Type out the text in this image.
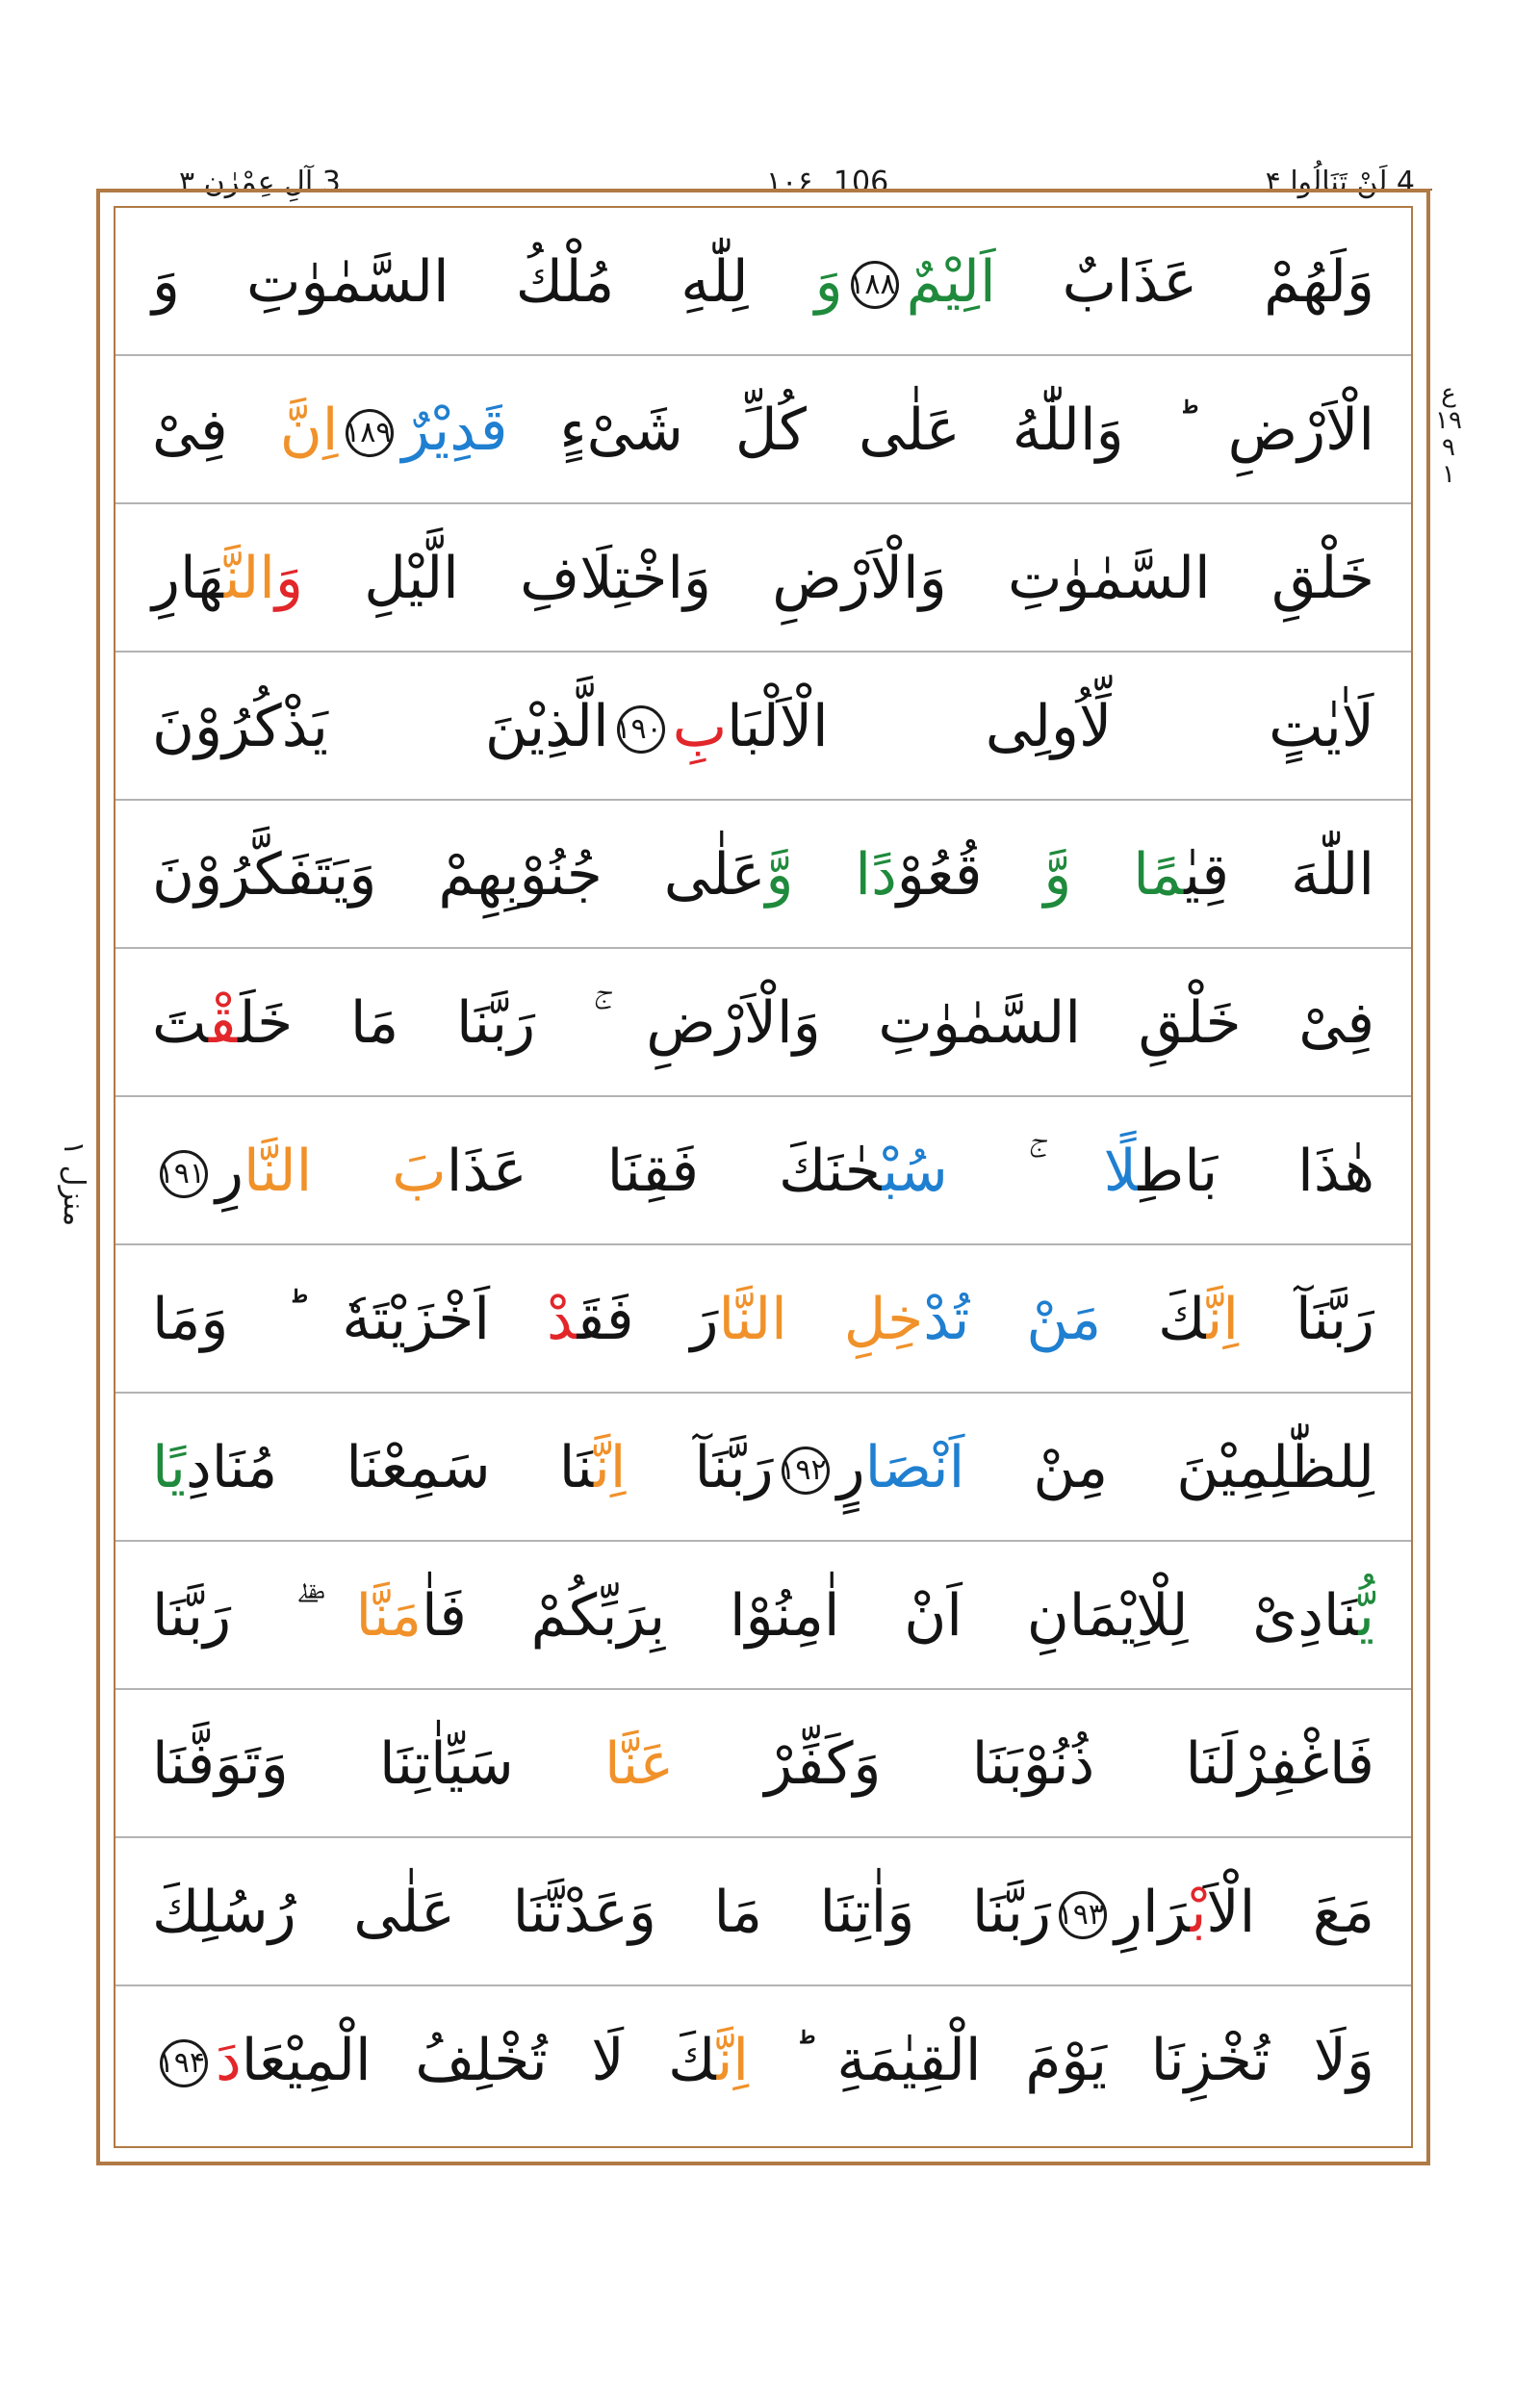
3 آلِ عِمْرٰن ۳	۱۰۶ 106	4 لَنْ تَنَالُوا ۴
وَلَهُمْ عَذَابٌ اَلِيْمٌ۱۸۸وَ لِلّٰهِ مُلْكُ السَّمٰوٰتِ وَ
الْاَرْضِ ؕ وَاللّٰهُ عَلٰى كُلِّ شَىْءٍ قَدِيْرٌ۱۸۹اِنَّ فِىْ
خَلْقِ السَّمٰوٰتِ وَالْاَرْضِ وَاخْتِلَافِ الَّيْلِ وَالنَّهَارِ
لَاٰيٰتٍ لِّاُولِى الْاَلْبَابِ۱۹۰الَّذِيْنَ يَذْكُرُوْنَ
اللّٰهَ قِيٰمًا وَّ قُعُوْدًا وَّعَلٰى جُنُوْبِهِمْ وَيَتَفَكَّرُوْنَ
فِىْ خَلْقِ السَّمٰوٰتِ وَالْاَرْضِ ۚ رَبَّنَا مَا خَلَقْتَ
هٰذَا بَاطِلًا ۚ سُبْحٰنَكَ فَقِنَا عَذَابَ النَّارِ۱۹۱
رَبَّنَآ اِنَّكَ مَنْ تُدْخِلِ النَّارَ فَقَدْ اَخْزَيْتَهٗ ؕ وَمَا
لِلظّٰلِمِيْنَ مِنْ اَنْصَارٍ۱۹۲رَبَّنَآ اِنَّنَا سَمِعْنَا مُنَادِيًا
يُّنَادِىْ لِلْاِيْمَانِ اَنْ اٰمِنُوْا بِرَبِّكُمْ فَاٰمَنَّا ۖۗ رَبَّنَا
فَاغْفِرْلَنَا ذُنُوْبَنَا وَكَفِّرْ عَنَّا سَيِّاٰتِنَا وَتَوَفَّنَا
مَعَ الْاَبْرَارِ۱۹۳رَبَّنَا وَاٰتِنَا مَا وَعَدْتَّنَا عَلٰى رُسُلِكَ
وَلَا تُخْزِنَا يَوْمَ الْقِيٰمَةِ ؕ اِنَّكَ لَا تُخْلِفُ الْمِيْعَادَ۱۹۴
ع ۱۹ ۹ ۱
منزل ۱
